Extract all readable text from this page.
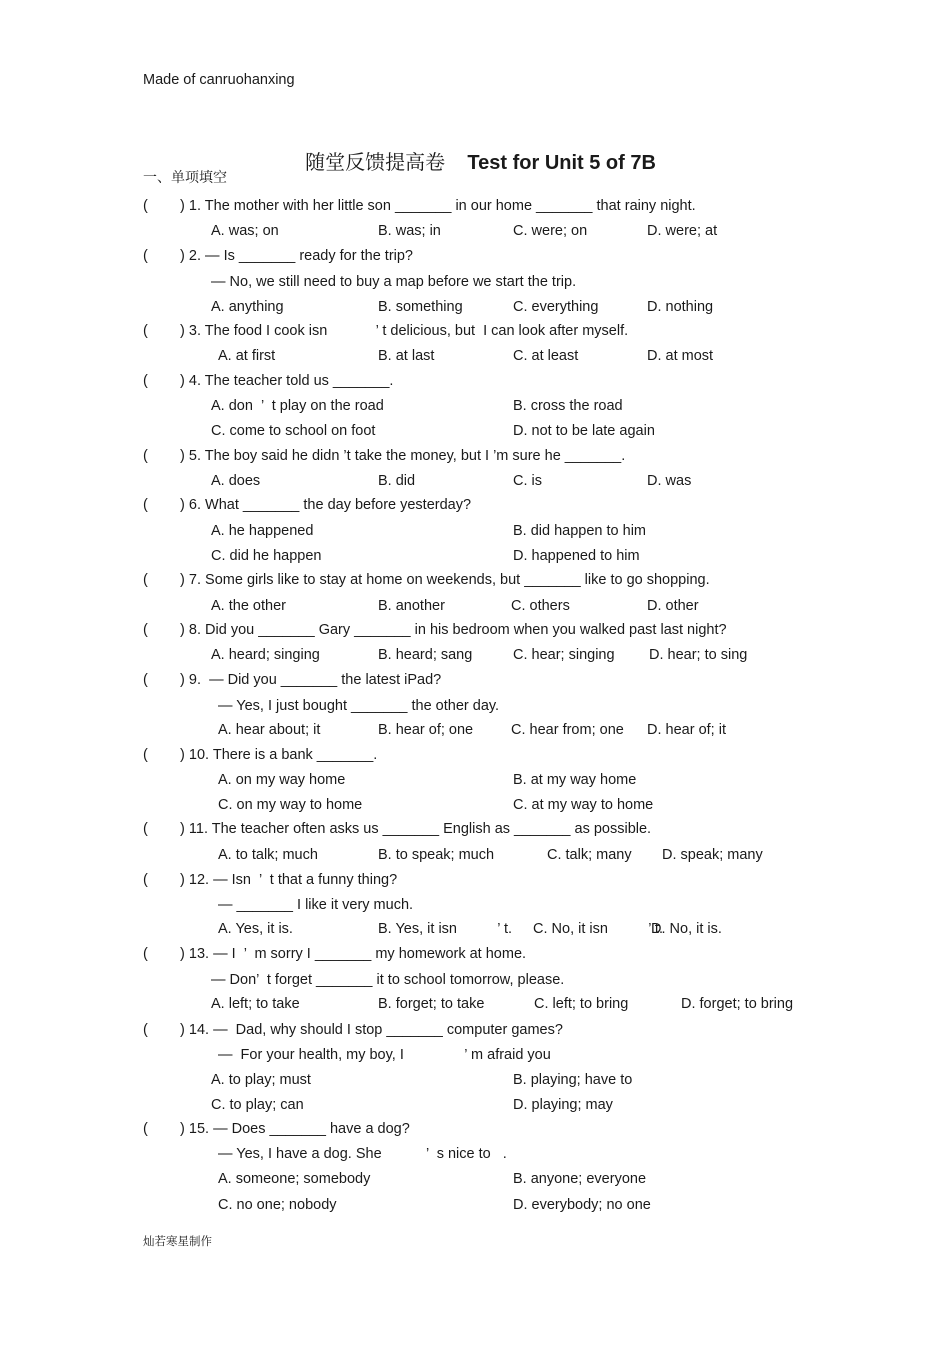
Made of canruohanxing

随堂反馈提高卷 Test for Unit 5 of 7B

一、单项填空
(        ) 1. The mother with her little son _______ in our home _______ that rainy night.
A. was; on	B. was; in	C. were; on	D. were; at
(        ) 2. — Is _______ ready for the trip?
— No, we still need to buy a map before we start the trip.
A. anything	B. something	C. everything	D. nothing
(        ) 3. The food I cook isn            ’ t delicious, but  I can look after myself.
A. at first	B. at last	C. at least	D. at most
(        ) 4. The teacher told us _______.
A. don  ’  t play on the road	B. cross the road
C. come to school on foot	D. not to be late again
(        ) 5. The boy said he didn ’t take the money, but I ’m sure he _______.
A. does	B. did	C. is	D. was
(        ) 6. What _______ the day before yesterday?
A. he happened	B. did happen to him
C. did he happen	D. happened to him
(        ) 7. Some girls like to stay at home on weekends, but _______ like to go shopping.
A. the other	B. another	C. others	D. other
(        ) 8. Did you _______ Gary _______ in his bedroom when you walked past last night?
A. heard; singing	B. heard; sang	C. hear; singing D. hear; to sing
(        ) 9.  — Did you _______ the latest iPad?
— Yes, I just bought _______ the other day.
A. hear about; it	B. hear of; one	C. hear from; one D. hear of; it
(        ) 10. There is a bank _______.
A. on my way home	B. at my way home
C. on my way to home	C. at my way to home
(        ) 11. The teacher often asks us _______ English as _______ as possible.
A. to talk; much	B. to speak; much	C. talk; many D. speak; many
(        ) 12. — Isn  ’  t that a funny thing?
— _______ I like it very much.
A. Yes, it is.	B. Yes, it isn          ’ t. C. No, it isn          ’ t.
D. No, it is.
(        ) 13. — I  ’  m sorry I _______ my homework at home.
— Don’  t forget _______ it to school tomorrow, please.
A. left; to take	B. forget; to take	C. left; to bring	D. forget; to bring
(        ) 14. —  Dad, why should I stop _______ computer games?
—  For your health, my boy, I               ’ m afraid you
A. to play; must	B. playing; have to
C. to play; can	D. playing; may
(        ) 15. — Does _______ have a dog?
— Yes, I have a dog. She           ’  s nice to   .
A. someone; somebody	B. anyone; everyone
C. no one; nobody	D. everybody; no one
灿若寒星制作
